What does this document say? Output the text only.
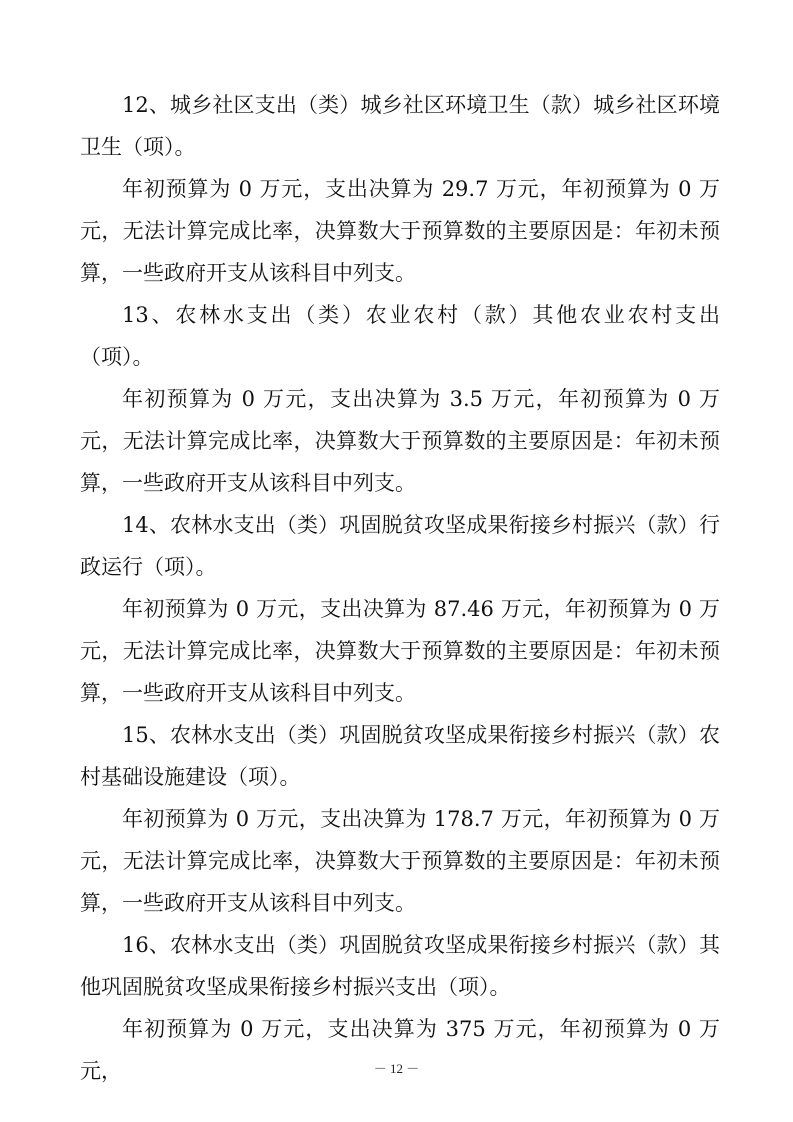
12、城乡社区支出（类）城乡社区环境卫生（款）城乡社区环境卫生（项）。

年初预算为 0 万元，支出决算为 29.7 万元，年初预算为 0 万元，无法计算完成比率，决算数大于预算数的主要原因是：年初未预算，一些政府开支从该科目中列支。

13、农林水支出（类）农业农村（款）其他农业农村支出（项）。

年初预算为 0 万元，支出决算为 3.5 万元，年初预算为 0 万元，无法计算完成比率，决算数大于预算数的主要原因是：年初未预算，一些政府开支从该科目中列支。

14、农林水支出（类）巩固脱贫攻坚成果衔接乡村振兴（款）行政运行（项）。

年初预算为 0 万元，支出决算为 87.46 万元，年初预算为 0 万元，无法计算完成比率，决算数大于预算数的主要原因是：年初未预算，一些政府开支从该科目中列支。

15、农林水支出（类）巩固脱贫攻坚成果衔接乡村振兴（款）农村基础设施建设（项）。

年初预算为 0 万元，支出决算为 178.7 万元，年初预算为 0 万元，无法计算完成比率，决算数大于预算数的主要原因是：年初未预算，一些政府开支从该科目中列支。

16、农林水支出（类）巩固脱贫攻坚成果衔接乡村振兴（款）其他巩固脱贫攻坚成果衔接乡村振兴支出（项）。

年初预算为 0 万元，支出决算为 375 万元，年初预算为 0 万元，	－ 12 －
